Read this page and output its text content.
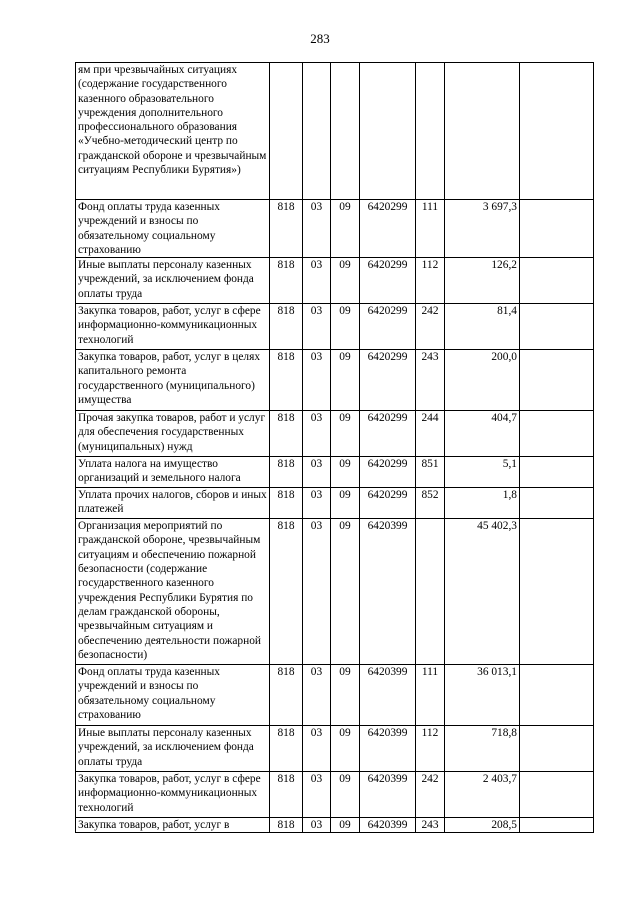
283
ям при чрезвычайных ситуациях (содержание государственного казенного образовательного учреждения дополнительного профессионального образования «Учебно-методический центр по гражданской обороне и чрезвычайным ситуациям Республики Бурятия»)							
Фонд оплаты труда казенных учреждений и взносы по обязательному социальному страхованию	818	03	09	6420299	111	3 697,3	
Иные выплаты персоналу казенных учреждений, за исключением фонда оплаты труда	818	03	09	6420299	112	126,2	
Закупка товаров, работ, услуг в сфере информационно-коммуникационных технологий	818	03	09	6420299	242	81,4	
Закупка товаров, работ, услуг в целях капитального ремонта государственного (муниципального) имущества	818	03	09	6420299	243	200,0	
Прочая закупка товаров, работ и услуг для обеспечения государственных (муниципальных) нужд	818	03	09	6420299	244	404,7	
Уплата налога на имущество организаций и земельного налога	818	03	09	6420299	851	5,1	
Уплата прочих налогов, сборов и иных платежей	818	03	09	6420299	852	1,8	
Организация мероприятий по гражданской обороне, чрезвычайным ситуациям и обеспечению пожарной безопасности (содержание государственного казенного учреждения Республики Бурятия по делам гражданской обороны, чрезвычайным ситуациям и обеспечению деятельности пожарной безопасности)	818	03	09	6420399		45 402,3	
Фонд оплаты труда казенных учреждений и взносы по обязательному социальному страхованию	818	03	09	6420399	111	36 013,1	
Иные выплаты персоналу казенных учреждений, за исключением фонда оплаты труда	818	03	09	6420399	112	718,8	
Закупка товаров, работ, услуг в сфере информационно-коммуникационных технологий	818	03	09	6420399	242	2 403,7	
Закупка товаров, работ, услуг в	818	03	09	6420399	243	208,5	
